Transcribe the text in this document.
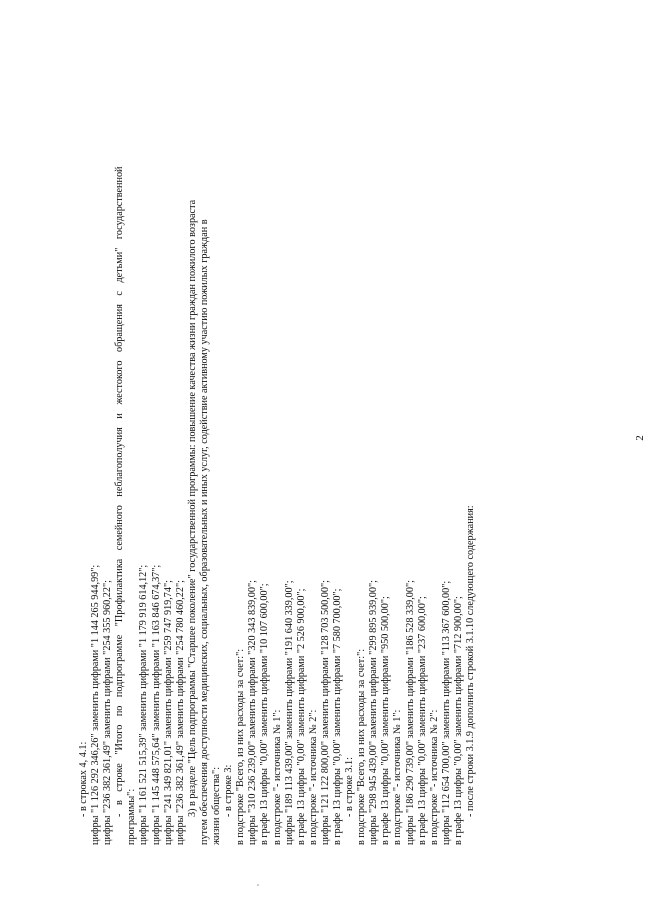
2
- в строках 4, 4.1: цифры "1 126 292 346,26" заменить цифрами "1 144 265 944,99"; цифры "236 382 361,49" заменить цифрами "254 355 960,22"; - в строке "Итого по подпрограмме "Профилактика семейного неблагополучия и жестокого обращения с детьми" государственной программы": цифры "1 161 521 515,39" заменить цифрами "1 179 919 614,12"; цифры "1 145 448 575,64" заменить цифрами "1 163 846 674,37"; цифры "241 349 821,01" заменить цифрами "259 747 919,74"; цифры "236 382 361,49" заменить цифрами "254 780 460,22"; 3) в разделе "Цель подпрограммы "Старшее поколение" государственной программы: повышение качества жизни граждан пожилого возраста путем обеспечения доступности медицинских, социальных, образовательных и иных услуг, содействие активному участию пожилых граждан в жизни общества": - в строке 3: в подстроке "Всего, из них расходы за счет:": цифры "310 236 239,00" заменить цифрами "320 343 839,00"; в графе 13 цифры "0,00" заменить цифрами "10 107 600,00"; в подстроке "- источника № 1": цифры "189 113 439,00" заменить цифрами "191 640 339,00"; в графе 13 цифры "0,00" заменить цифрами "2 526 900,00"; в подстроке "- источника № 2": цифры "121 122 800,00" заменить цифрами "128 703 500,00"; в графе 13 цифры "0,00" заменить цифрами "7 580 700,00"; - в строке 3.1: в подстроке "Всего, из них расходы за счет:": цифры "298 945 439,00" заменить цифрами "299 895 939,00"; в графе 13 цифры "0,00" заменить цифрами "950 500,00"; в подстроке "- источника № 1": цифры "186 290 739,00" заменить цифрами "186 528 339,00"; в графе 13 цифры "0,00" заменить цифрами "237 600,00"; в подстроке "- источника № 2": цифры "112 654 700,00" заменить цифрами "113 367 600,00"; в графе 13 цифры "0,00" заменить цифрами "712 900,00"; - после строки 3.1.9 дополнить строкой 3.1.10 следующего содержания:
